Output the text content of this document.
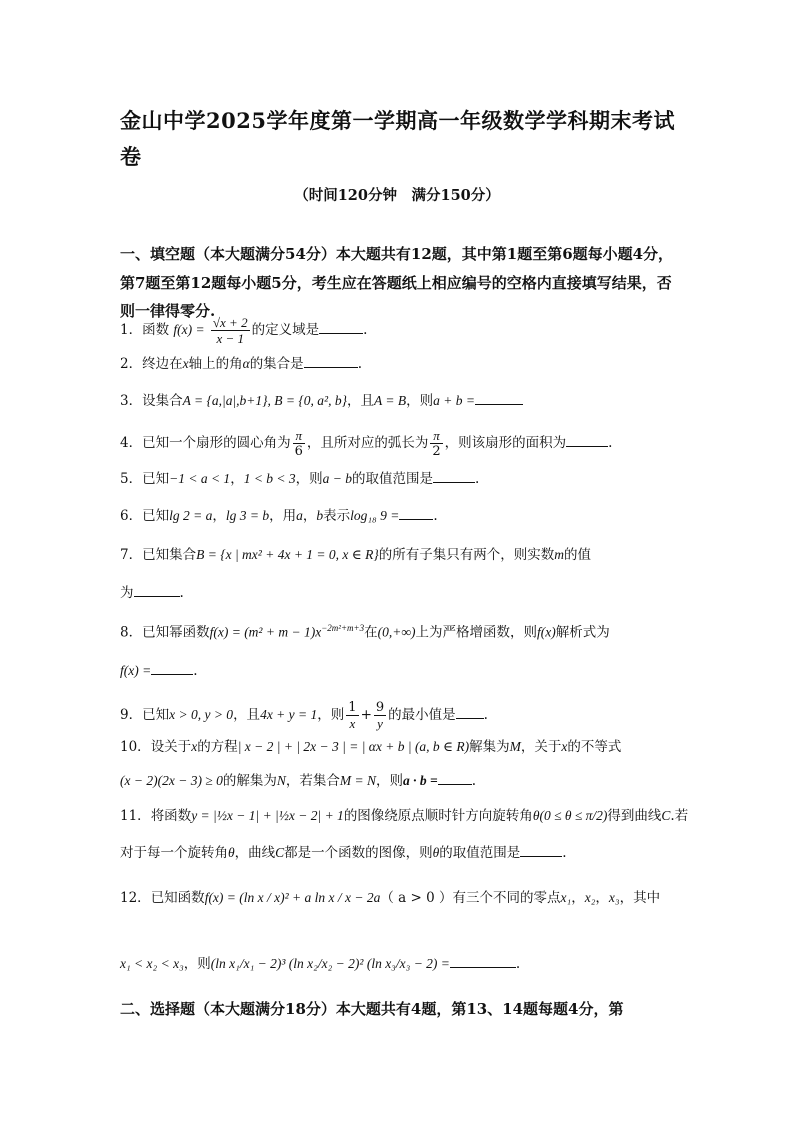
金山中学2025学年度第一学期高一年级数学学科期末考试卷
（时间120分钟　满分150分）
一、填空题（本大题满分54分）本大题共有12题，其中第1题至第6题每小题4分，第7题至第12题每小题5分，考生应在答题纸上相应编号的空格内直接填写结果，否则一律得零分.
1．函数 $f(x) = \frac{√x + 2}{x - 1}$ 的定义域是	.
2．终边在x轴上的角α的集合是	.
3．设集合A = {a,|a|,b+1}, B = {0, a², b}，且A = B，则a + b =
4．已知一个扇形的圆心角为 $\frac{\pi}{6}$ ，且所对应的弧长为 $\frac{\pi}{2}$ ，则该扇形的面积为	.
5．已知−1 < a < 1，1 < b < 3，则a − b的取值范围是	.
6．已知lg 2 = a，lg 3 = b，用a，b表示log₁₈ 9 =	.
7．已知集合B = {x | mx² + 4x + 1 = 0, x ∈ R}的所有子集只有两个，则实数m的值
为	.
8．已知幂函数$f(x) = (m^2 + m - 1)x^{-2m^2+m+3}$在(0,+∞)上为严格增函数，则f(x)解析式为
f(x) =	.
9．已知x > 0, y > 0，且4x + y = 1，则 $\frac{1}{x} + \frac{9}{y}$ 的最小值是 .
10．设关于x的方程| x − 2 | + | 2x − 3 | = | αx + b | (a, b ∈ R)解集为M，关于x的不等式
(x − 2)(2x − 3) ≥ 0的解集为N，若集合M = N，则a · b =	.
11．将函数y = |½x − 1| + |½x − 2| + 1的图像绕原点顺时针方向旋转角θ(0 ≤ θ ≤ π/2)得到曲线C.若
对于每一个旋转角θ，曲线C都是一个函数的图像，则θ的取值范围是	.
12．已知函数f(x) = (ln x / x)² + a ln x / x − 2a（ a > 0 ）有三个不同的零点x₁，x₂，x₃，其中
x₁ < x₂ < x₃，则(ln x₁/x₁ − 2)³ (ln x₂/x₂ − 2)² (ln x₃/x₃ − 2) =	.
二、选择题（本大题满分18分）本大题共有4题，第13、14题每题4分，第
